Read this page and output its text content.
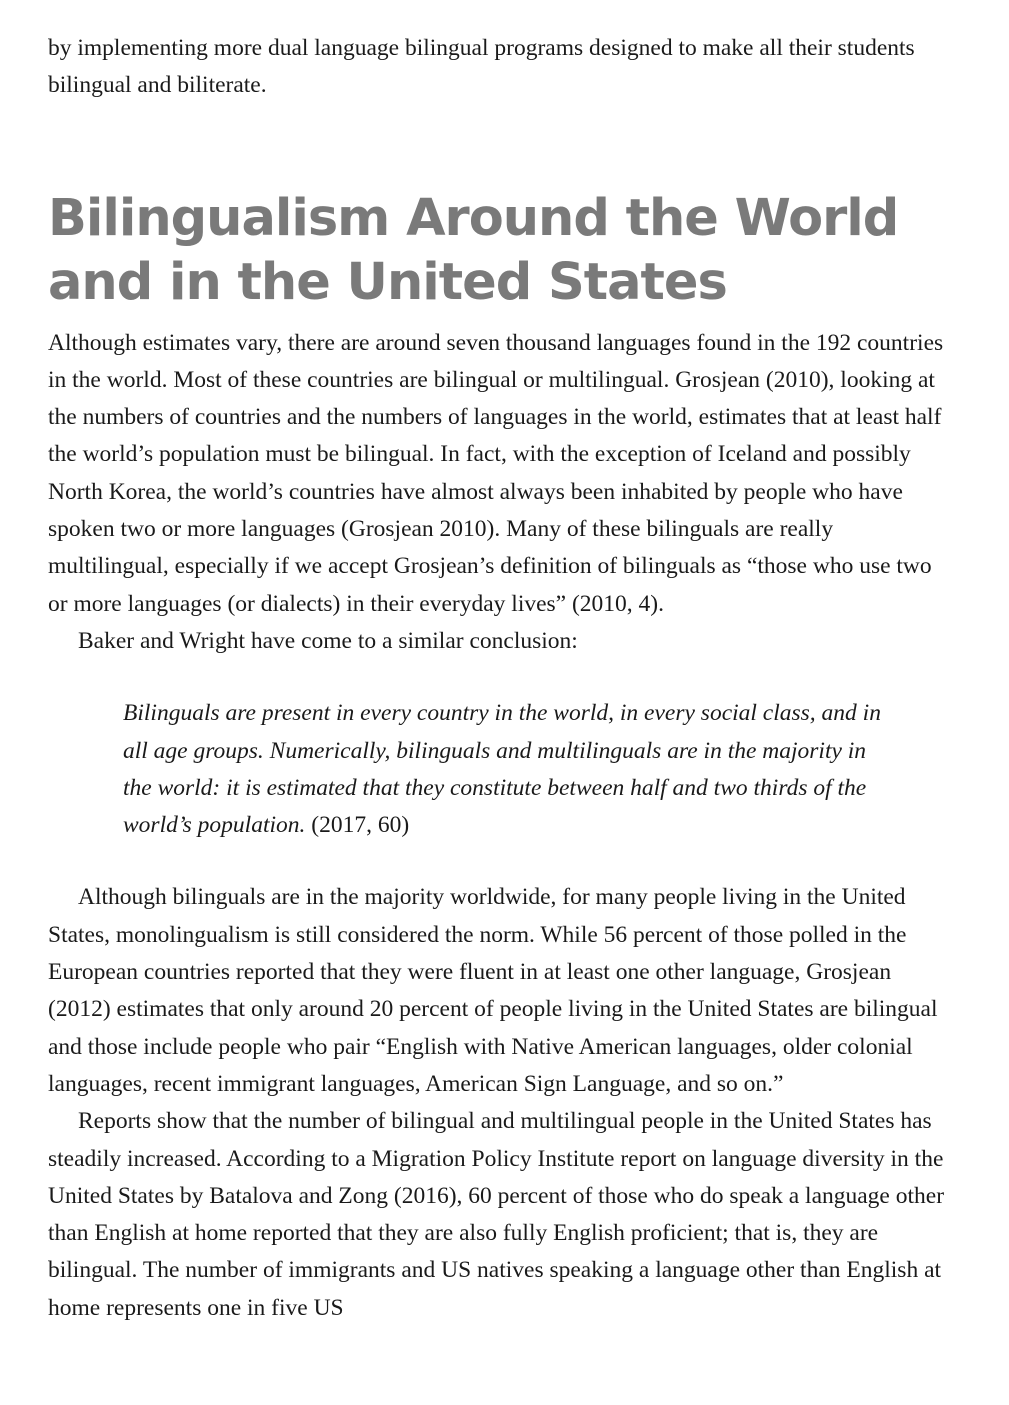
by implementing more dual language bilingual programs designed to make all their students bilingual and biliterate.

Bilingualism Around the World
and in the United States

Although estimates vary, there are around seven thousand languages found in the 192 countries in the world. Most of these countries are bilingual or multilingual. Grosjean (2010), looking at the numbers of countries and the numbers of languages in the world, estimates that at least half the world’s population must be bilingual. In fact, with the exception of Iceland and possibly North Korea, the world’s countries have almost always been inhabited by people who have spoken two or more languages (Grosjean 2010). Many of these bilinguals are really multilingual, especially if we accept Grosjean’s definition of bilinguals as “those who use two or more languages (or dialects) in their everyday lives” (2010, 4).

Baker and Wright have come to a similar conclusion:

Bilinguals are present in every country in the world, in every social class, and in all age groups. Numerically, bilinguals and multilinguals are in the majority in the world: it is estimated that they constitute between half and two thirds of the world’s population. (2017, 60)

Although bilinguals are in the majority worldwide, for many people living in the United States, monolingualism is still considered the norm. While 56 percent of those polled in the European countries reported that they were fluent in at least one other language, Grosjean (2012) estimates that only around 20 percent of people living in the United States are bilingual and those include people who pair “English with Native American languages, older colonial languages, recent immigrant languages, American Sign Language, and so on.”

Reports show that the number of bilingual and multilingual people in the United States has steadily increased. According to a Migration Policy Institute report on language diversity in the United States by Batalova and Zong (2016), 60 percent of those who do speak a language other than English at home reported that they are also fully English proficient; that is, they are bilingual. The number of immigrants and US natives speaking a language other than English at home represents one in five US
